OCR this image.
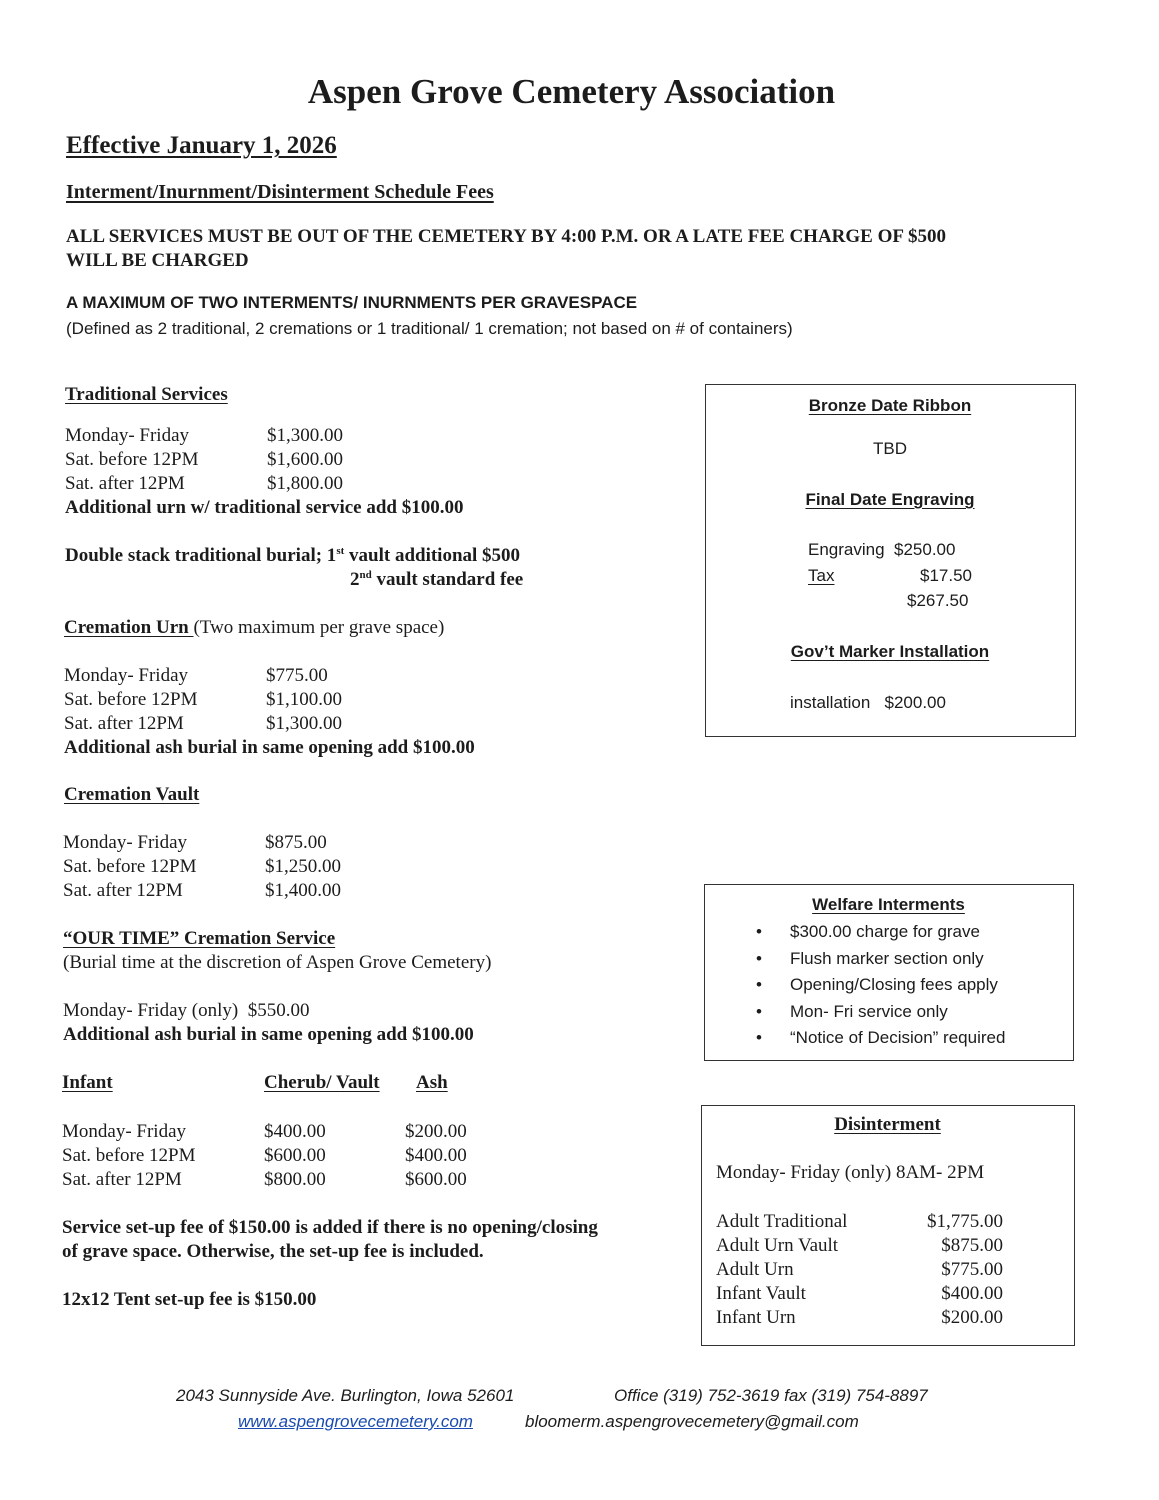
Aspen Grove Cemetery Association
Effective January 1, 2026
Interment/Inurnment/Disinterment Schedule Fees
ALL SERVICES MUST BE OUT OF THE CEMETERY BY 4:00 P.M. OR A LATE FEE CHARGE OF $500
WILL BE CHARGED
A MAXIMUM OF TWO INTERMENTS/ INURNMENTS PER GRAVESPACE
(Defined as 2 traditional, 2 cremations or 1 traditional/ 1 cremation; not based on # of containers)
Traditional Services
Monday- Friday	$1,300.00
Sat. before 12PM	$1,600.00
Sat. after 12PM	$1,800.00
Additional urn w/ traditional service add $100.00
Double stack traditional burial; 1st vault additional $500
2nd vault standard fee
Cremation Urn (Two maximum per grave space)
Monday- Friday	$775.00
Sat. before 12PM	$1,100.00
Sat. after 12PM	$1,300.00
Additional ash burial in same opening add $100.00
Cremation Vault
Monday- Friday	$875.00
Sat. before 12PM	$1,250.00
Sat. after 12PM	$1,400.00
“OUR TIME” Cremation Service
(Burial time at the discretion of Aspen Grove Cemetery)
Monday- Friday (only) $550.00
Additional ash burial in same opening add $100.00
Infant	Cherub/ Vault Ash
Monday- Friday	$400.00	$200.00
Sat. before 12PM	$600.00	$400.00
Sat. after 12PM	$800.00	$600.00
Service set-up fee of $150.00 is added if there is no opening/closing
of grave space. Otherwise, the set-up fee is included.
12x12 Tent set-up fee is $150.00
Bronze Date Ribbon
TBD
Final Date Engraving
Engraving $250.00
Tax	$17.50
$267.50
Gov’t Marker Installation
installation $200.00
Welfare Interments
• $300.00 charge for grave
• Flush marker section only
• Opening/Closing fees apply
• Mon- Fri service only
• “Notice of Decision” required
Disinterment
Monday- Friday (only) 8AM- 2PM
Adult Traditional	$1,775.00
Adult Urn Vault	$875.00
Adult Urn	$775.00
Infant Vault	$400.00
Infant Urn	$200.00
2043 Sunnyside Ave. Burlington, Iowa 52601	Office (319) 752-3619 fax (319) 754-8897
www.aspengrovecemetery.com	bloomerm.aspengrovecemetery@gmail.com
